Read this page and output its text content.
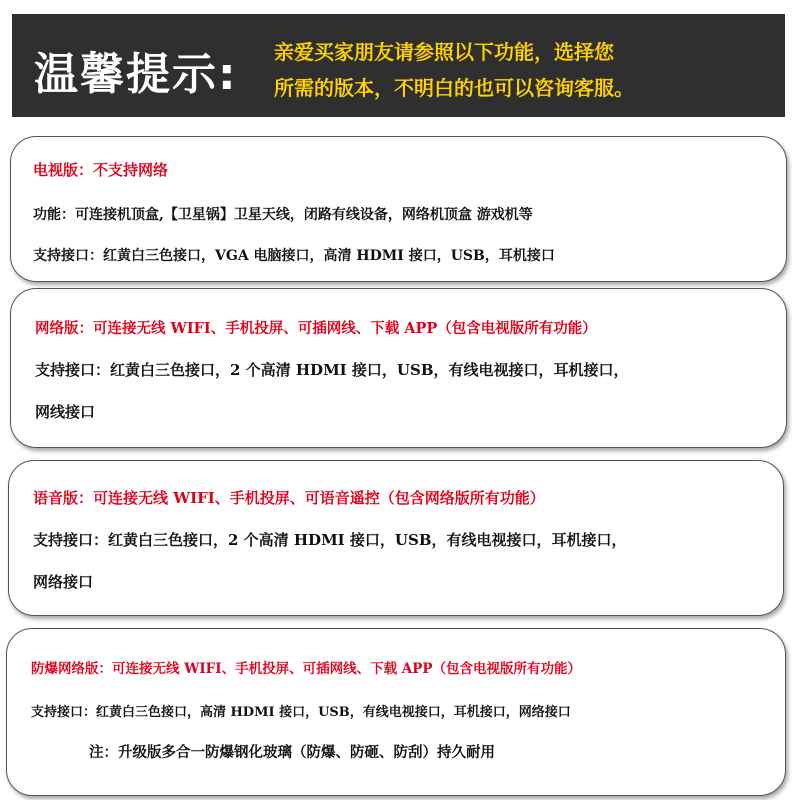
温馨提示: 亲爱买家朋友请参照以下功能，选择您
所需的版本，不明白的也可以咨询客服。
电视版：不支持网络
功能：可连接机顶盒,【卫星锅】卫星天线，闭路有线设备，网络机顶盒 游戏机等
支持接口：红黄白三色接口，VGA 电脑接口，高清 HDMI 接口，USB，耳机接口
网络版：可连接无线 WIFI、手机投屏、可插网线、下载 APP（包含电视版所有功能）
支持接口：红黄白三色接口，2 个高清 HDMI 接口，USB，有线电视接口，耳机接口，
网线接口
语音版：可连接无线 WIFI、手机投屏、可语音遥控（包含网络版所有功能）
支持接口：红黄白三色接口，2 个高清 HDMI 接口，USB，有线电视接口，耳机接口，
网络接口
防爆网络版：可连接无线 WIFI、手机投屏、可插网线、下载 APP（包含电视版所有功能）
支持接口：红黄白三色接口，高清 HDMI 接口，USB，有线电视接口，耳机接口，网络接口
注：升级版多合一防爆钢化玻璃（防爆、防砸、防刮）持久耐用
